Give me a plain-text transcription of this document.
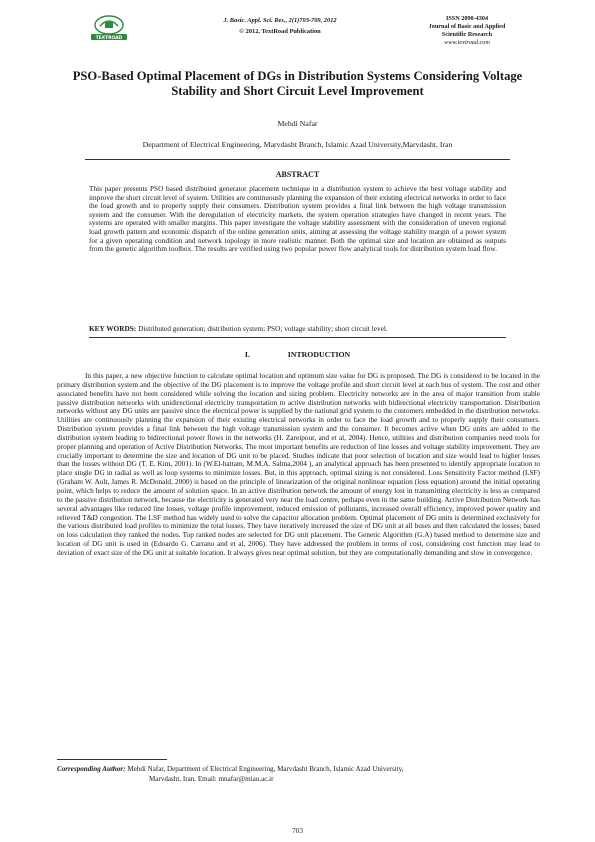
TEXTROAD
J. Basic. Appl. Sci. Res., 2(1)703-709, 2012
© 2012, TextRoad Publication
ISSN 2090-4304
Journal of Basic and Applied
Scientific Research
www.textroad.com
PSO-Based Optimal Placement of DGs in Distribution Systems Considering Voltage Stability and Short Circuit Level Improvement
Mehdi Nafar
Department of Electrical Engineering, Marvdasht Branch, Islamic Azad University,Marvdasht, Iran
ABSTRACT

This paper presents PSO based distributed generator placement technique in a distribution system to achieve the best voltage stability and improve the short circuit level of system. Utilities are continuously planning the expansion of their existing electrical networks in order to face the load growth and to properly supply their consumers. Distribution system provides a final link between the high voltage transmission system and the consumer. With the deregulation of electricity markets, the system operation strategies have changed in recent years. The systems are operated with smaller margins. This paper investigate the voltage stability assessment with the consideration of uneven regional load growth pattern and economic dispatch of the online generation units, aiming at assessing the voltage stability margin of a power system for a given operating condition and network topology in more realistic manner. Both the optimal size and location are obtained as outputs from the genetic algorithm toolbox. The results are verified using two popular power flow analytical tools for distribution system load flow.

KEY WORDS: Distributed generation; distribution system; PSO; voltage stability; short circuit level.
I.	INTRODUCTION

In this paper, a new objective function to calculate optimal location and optimum size value for DG is proposed. The DG is considered to be located in the primary distribution system and the objective of the DG placement is to improve the voltage profile and short circuit level at each bus of system. The cost and other associated benefits have not been considered while solving the location and sizing problem. Electricity networks are in the area of major transition from stable passive distribution networks with unidirectional electricity transportation to active distribution networks with bidirectional electricity transportation. Distribution networks without any DG units are passive since the electrical power is supplied by the national grid system to the customers embedded in the distribution networks. Utilities are continuously planning the expansion of their existing electrical networks in order to face the load growth and to properly supply their consumers. Distribution system provides a final link between the high voltage transmission system and the consumer. It becomes active when DG units are added to the distribution system leading to bidirectional power flows in the networks (H. Zareipour, and et al, 2004). Hence, utilities and distribution companies need tools for proper planning and operation of Active Distribution Networks. The most important benefits are reduction of line losses and voltage stability improvement. They are crucially important to determine the size and location of DG unit to be placed. Studies indicate that poor selection of location and size would lead to higher losses than the losses without DG (T. E. Kim, 2001). In (W.El-hattam, M.M.A. Salma,2004 ), an analytical approach has been presented to identify appropriate location to place single DG in radial as well as loop systems to minimize losses. But, in this approach, optimal sizing is not considered. Loss Sensitivity Factor method (LSF) (Graham W. Ault, James R. McDonald, 2000) is based on the principle of linearization of the original nonlinear equation (loss equation) around the initial operating point, which helps to reduce the amount of solution space. In an active distribution network the amount of energy lost in transmitting electricity is less as compared to the passive distribution network, because the electricity is generated very near the load centre, perhaps even in the same building. Active Distribution Network has several advantages like reduced line losses, voltage profile improvement, reduced emission of pollutants, increased overall efficiency, improved power quality and relieved T&D congestion. The LSF method has widely used to solve the capacitor allocation problem. Optimal placement of DG units is determined exclusively for the various distributed load profiles to minimize the total losses. They have iteratively increased the size of DG unit at all buses and then calculated the losses; based on loss calculation they ranked the nodes. Top ranked nodes are selected for DG unit placement. The Genetic Algorithm (G.A) based method to determine size and location of DG unit is used in (Edoardo G. Carrano and et al, 2006). They have addressed the problem in terms of cost, considering cost function may lead to deviation of exact size of the DG unit at suitable location. It always gives near optimal solution, but they are computationally demanding and slow in convergence.

Corresponding Author: Mehdi Nafar, Department of Electrical Engineering, Marvdasht Branch, Islamic Azad University,
Marvdasht, Iran. Email: mnafar@miau.ac.ir
703
